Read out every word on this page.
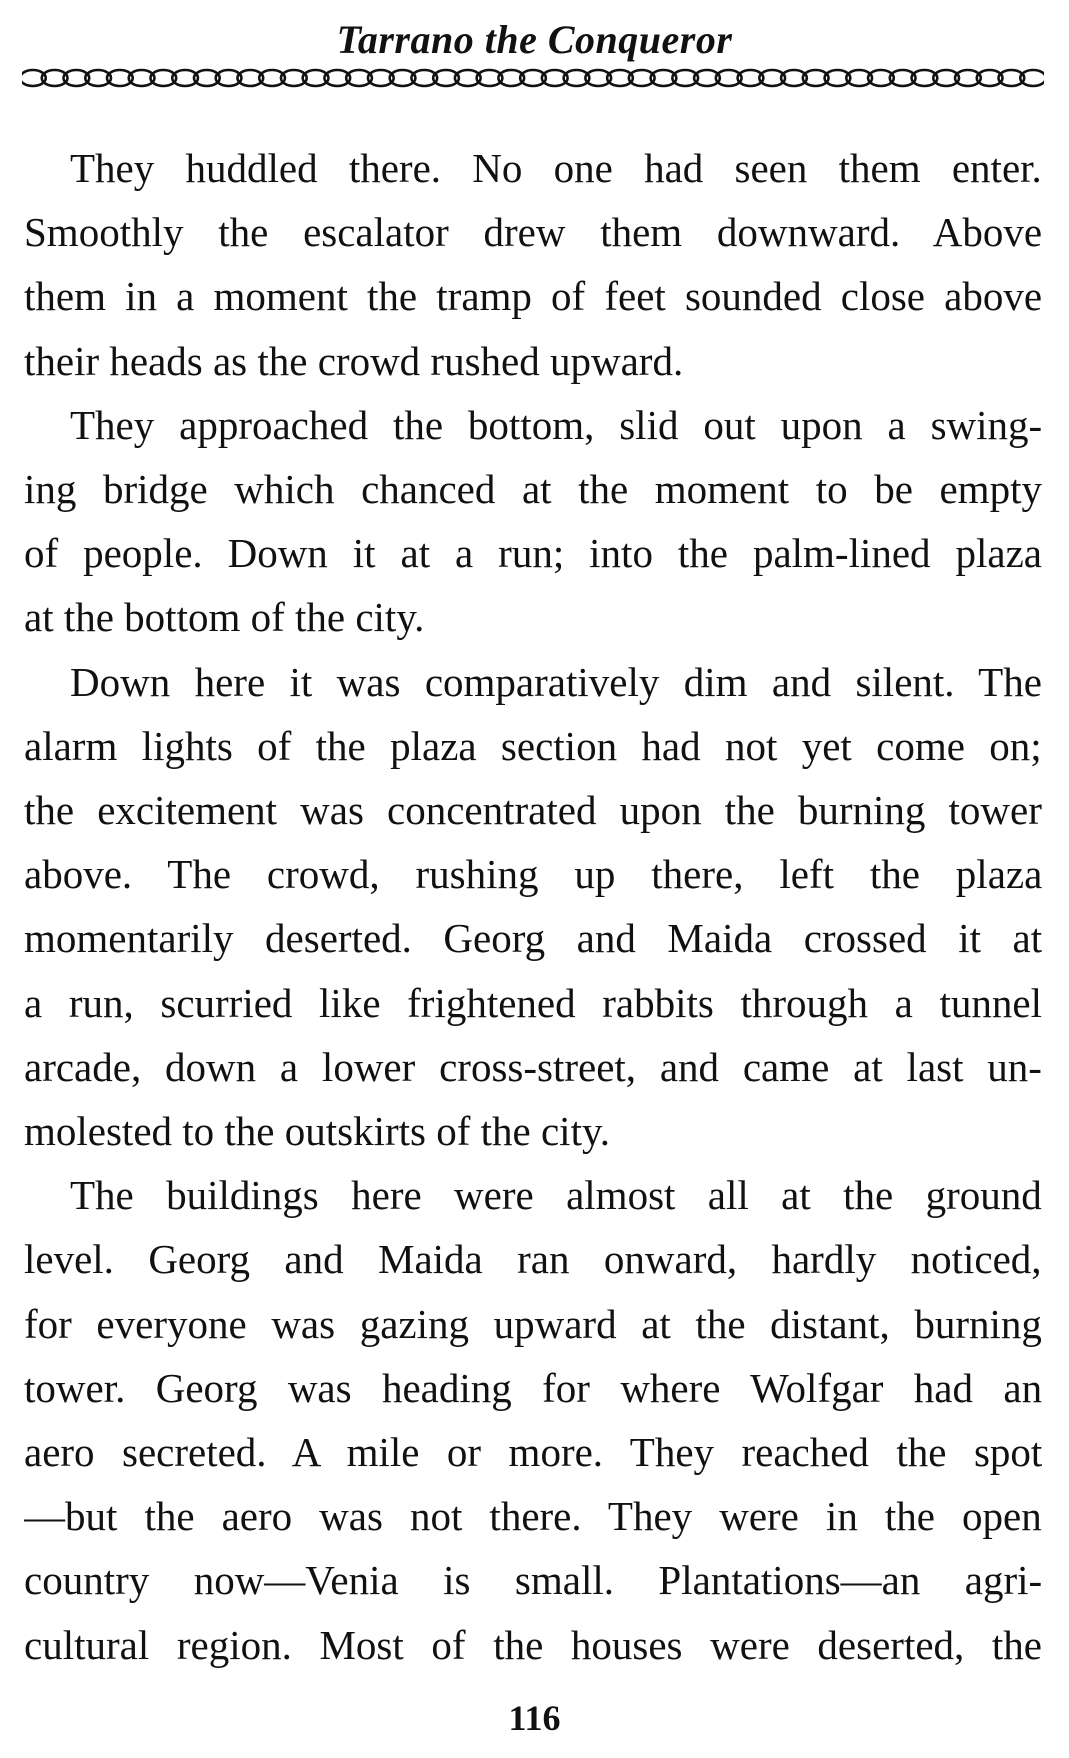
Tarrano the Conqueror
They huddled there. No one had seen them enter.
Smoothly the escalator drew them downward. Above
them in a moment the tramp of feet sounded close above
their heads as the crowd rushed upward.
They approached the bottom, slid out upon a swing-
ing bridge which chanced at the moment to be empty
of people. Down it at a run; into the palm-lined plaza
at the bottom of the city.
Down here it was comparatively dim and silent. The
alarm lights of the plaza section had not yet come on;
the excitement was concentrated upon the burning tower
above. The crowd, rushing up there, left the plaza
momentarily deserted. Georg and Maida crossed it at
a run, scurried like frightened rabbits through a tunnel
arcade, down a lower cross-street, and came at last un-
molested to the outskirts of the city.
The buildings here were almost all at the ground
level. Georg and Maida ran onward, hardly noticed,
for everyone was gazing upward at the distant, burning
tower. Georg was heading for where Wolfgar had an
aero secreted. A mile or more. They reached the spot
—but the aero was not there. They were in the open
country now—Venia is small. Plantations—an agri-
cultural region. Most of the houses were deserted, the
116
